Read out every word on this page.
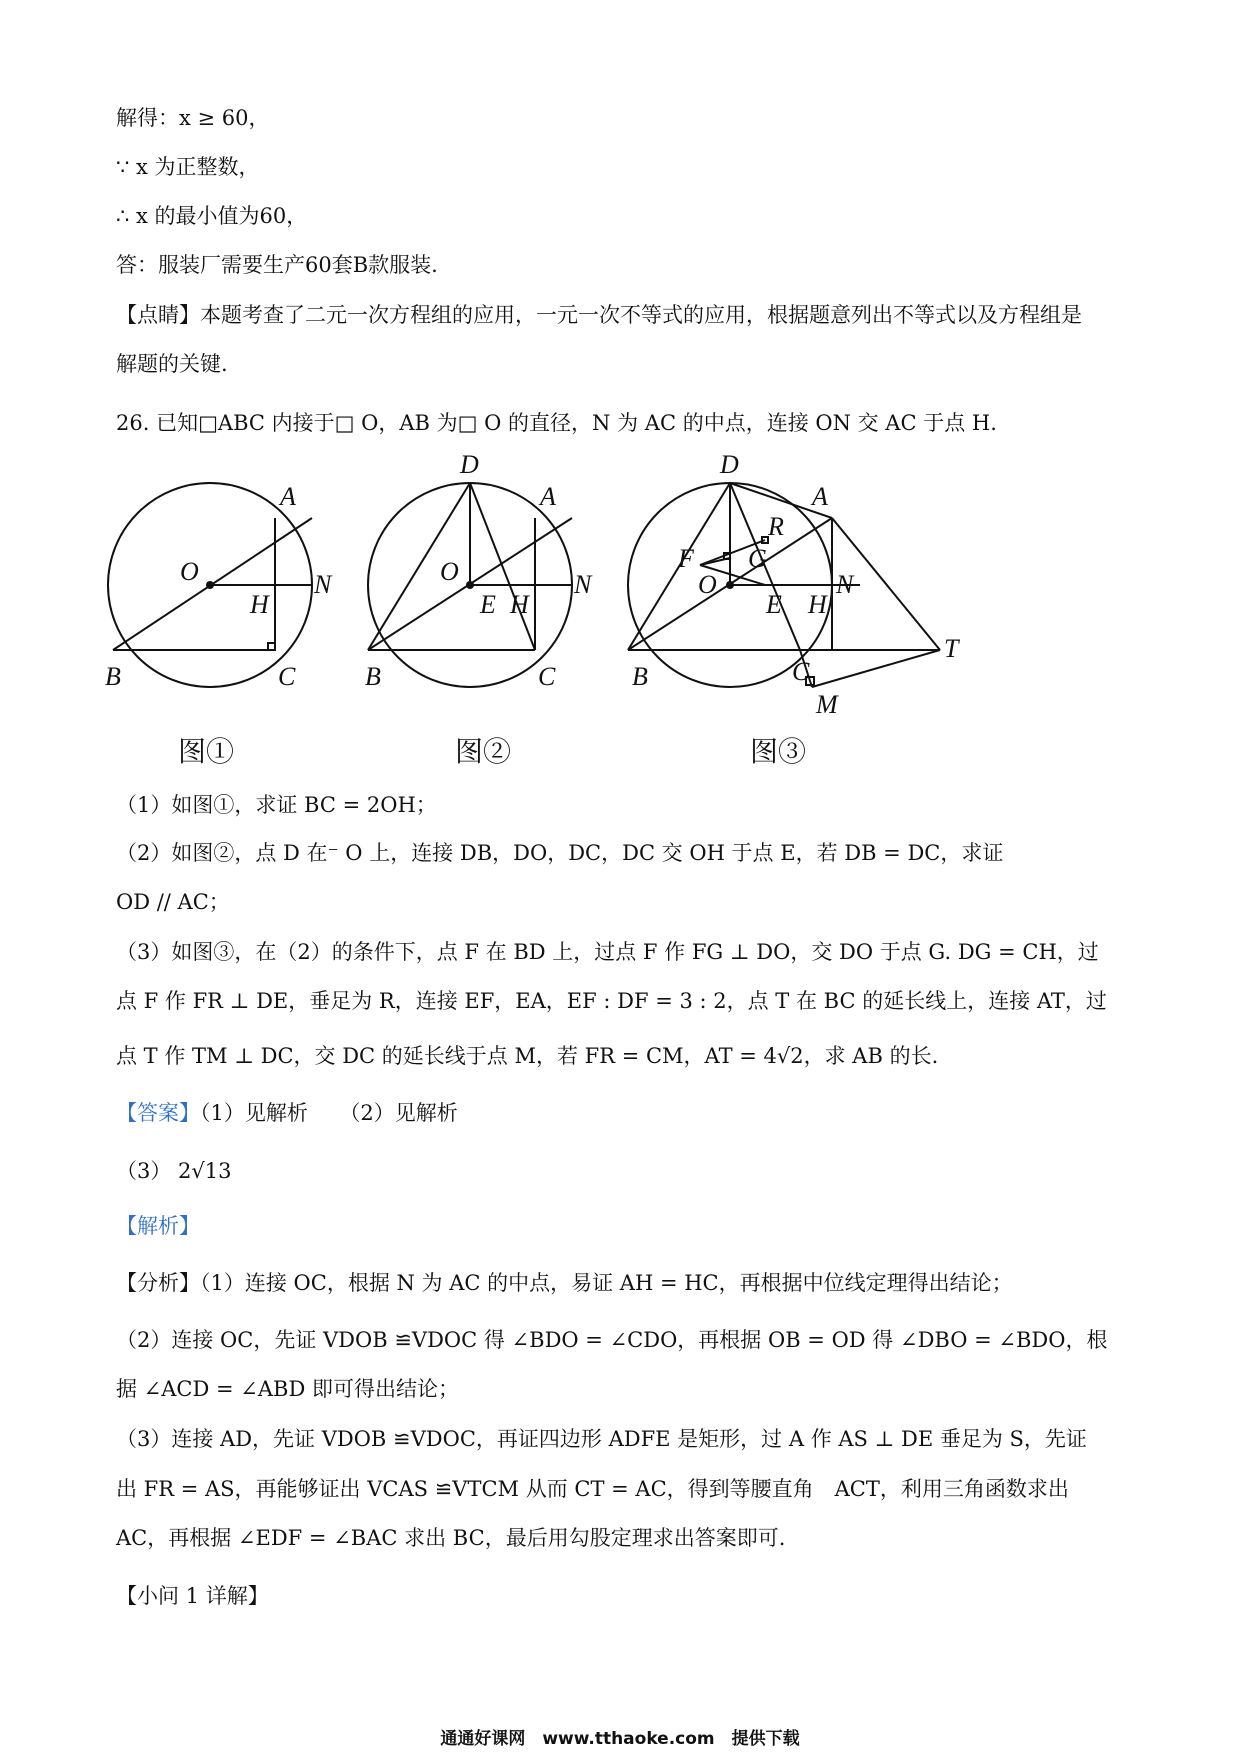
解得：x ≥ 60，
∵ x 为正整数，
∴ x 的最小值为60，
答：服装厂需要生产60套B款服装.
【点睛】本题考查了二元一次方程组的应用，一元一次不等式的应用，根据题意列出不等式以及方程组是
解题的关键.
26. 已知□ABC 内接于□ O，AB 为□ O 的直径，N 为 AC 的中点，连接 ON 交 AC 于点 H.
A
O
H
N
B	C
D
A
O
E H
N
B	C
D
A
R
F G
O
E H
N
B	C
T
M
图①	图②	图③
（1）如图①，求证 BC = 2OH；
（2）如图②，点 D 在⁻ O 上，连接 DB，DO，DC，DC 交 OH 于点 E，若 DB = DC，求证
OD // AC；
（3）如图③，在（2）的条件下，点 F 在 BD 上，过点 F 作 FG ⊥ DO，交 DO 于点 G. DG = CH，过
点 F 作 FR ⊥ DE，垂足为 R，连接 EF，EA，EF : DF = 3 : 2，点 T 在 BC 的延长线上，连接 AT，过
点 T 作 TM ⊥ DC，交 DC 的延长线于点 M，若 FR = CM，AT = 4√2，求 AB 的长.
【答案】（1）见解析　　（2）见解析
（3） 2√13
【解析】
【分析】（1）连接 OC，根据 N 为 AC 的中点，易证 AH = HC，再根据中位线定理得出结论；
（2）连接 OC，先证 VDOB ≌VDOC 得 ∠BDO = ∠CDO，再根据 OB = OD 得 ∠DBO = ∠BDO，根
据 ∠ACD = ∠ABD 即可得出结论；
（3）连接 AD，先证 VDOB ≌VDOC，再证四边形 ADFE 是矩形，过 A 作 AS ⊥ DE 垂足为 S，先证
出 FR = AS，再能够证出 VCAS ≌VTCM 从而 CT = AC，得到等腰直角　ACT，利用三角函数求出
AC，再根据 ∠EDF = ∠BAC 求出 BC，最后用勾股定理求出答案即可.
【小问 1 详解】
通通好课网　www.tthaoke.com　提供下载
